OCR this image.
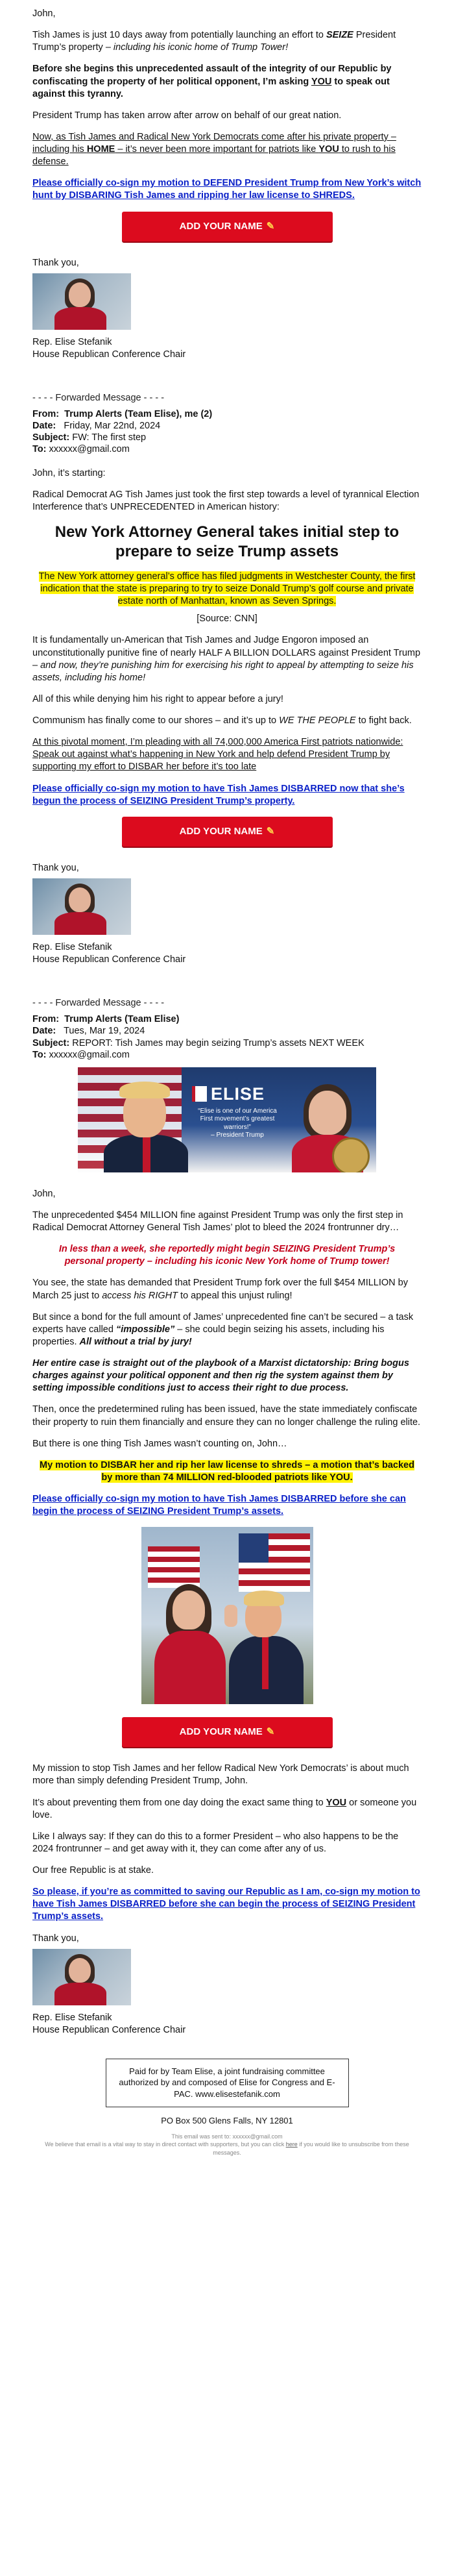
John,

Tish James is just 10 days away from potentially launching an effort to SEIZE President Trump’s property – including his iconic home of Trump Tower!

Before she begins this unprecedented assault of the integrity of our Republic by confiscating the property of her political opponent, I’m asking YOU to speak out against this tyranny.

President Trump has taken arrow after arrow on behalf of our great nation.

Now, as Tish James and Radical New York Democrats come after his private property – including his HOME – it’s never been more important for patriots like YOU to rush to his defense.

Please officially co-sign my motion to DEFEND President Trump from New York’s witch hunt by DISBARING Tish James and ripping her law license to SHREDS.

ADD YOUR NAME ✎

Thank you,

Rep. Elise Stefanik
House Republican Conference Chair
- - - - Forwarded Message - - - -

From: Trump Alerts (Team Elise), me (2)

Date: Friday, Mar 22nd, 2024

Subject: FW: The first step

To: xxxxxx@gmail.com

John, it’s starting:

Radical Democrat AG Tish James just took the first step towards a level of tyrannical Election Interference that’s UNPRECEDENTED in American history:

New York Attorney General takes initial step to prepare to seize Trump assets

The New York attorney general’s office has filed judgments in Westchester County, the first indication that the state is preparing to try to seize Donald Trump’s golf course and private estate north of Manhattan, known as Seven Springs.

[Source: CNN]

It is fundamentally un-American that Tish James and Judge Engoron imposed an unconstitutionally punitive fine of nearly HALF A BILLION DOLLARS against President Trump – and now, they’re punishing him for exercising his right to appeal by attempting to seize his assets, including his home!

All of this while denying him his right to appear before a jury!

Communism has finally come to our shores – and it’s up to WE THE PEOPLE to fight back.

At this pivotal moment, I’m pleading with all 74,000,000 America First patriots nationwide: Speak out against what’s happening in New York and help defend President Trump by supporting my effort to DISBAR her before it’s too late

Please officially co-sign my motion to have Tish James DISBARRED now that she’s begun the process of SEIZING President Trump’s property.

ADD YOUR NAME ✎

Thank you,

Rep. Elise Stefanik
House Republican Conference Chair
- - - - Forwarded Message - - - -

From: Trump Alerts (Team Elise)

Date: Tues, Mar 19, 2024

Subject: REPORT: Tish James may begin seizing Trump’s assets NEXT WEEK

To: xxxxxx@gmail.com

ELISE
“Elise is one of our America First movement’s greatest warriors!”
– President Trump

John,

The unprecedented $454 MILLION fine against President Trump was only the first step in Radical Democrat Attorney General Tish James’ plot to bleed the 2024 frontrunner dry…

In less than a week, she reportedly might begin SEIZING President Trump’s personal property – including his iconic New York home of Trump tower!

You see, the state has demanded that President Trump fork over the full $454 MILLION by March 25 just to access his RIGHT to appeal this unjust ruling!

But since a bond for the full amount of James’ unprecedented fine can’t be secured – a task experts have called “impossible” – she could begin seizing his assets, including his properties. All without a trial by jury!

Her entire case is straight out of the playbook of a Marxist dictatorship: Bring bogus charges against your political opponent and then rig the system against them by setting impossible conditions just to access their right to due process.

Then, once the predetermined ruling has been issued, have the state immediately confiscate their property to ruin them financially and ensure they can no longer challenge the ruling elite.

But there is one thing Tish James wasn’t counting on, John…

My motion to DISBAR her and rip her law license to shreds – a motion that’s backed by more than 74 MILLION red-blooded patriots like YOU.

Please officially co-sign my motion to have Tish James DISBARRED before she can begin the process of SEIZING President Trump’s assets.

ADD YOUR NAME ✎

My mission to stop Tish James and her fellow Radical New York Democrats’ is about much more than simply defending President Trump, John.

It’s about preventing them from one day doing the exact same thing to YOU or someone you love.

Like I always say: If they can do this to a former President – who also happens to be the 2024 frontrunner – and get away with it, they can come after any of us.

Our free Republic is at stake.

So please, if you’re as committed to saving our Republic as I am, co-sign my motion to have Tish James DISBARRED before she can begin the process of SEIZING President Trump’s assets.

Thank you,

Rep. Elise Stefanik
House Republican Conference Chair
Paid for by Team Elise, a joint fundraising committee authorized by and composed of Elise for Congress and E-PAC. www.elisestefanik.com
PO Box 500 Glens Falls, NY 12801
This email was sent to: xxxxxx@gmail.com
We believe that email is a vital way to stay in direct contact with supporters, but you can click here if you would like to unsubscribe from these messages.
